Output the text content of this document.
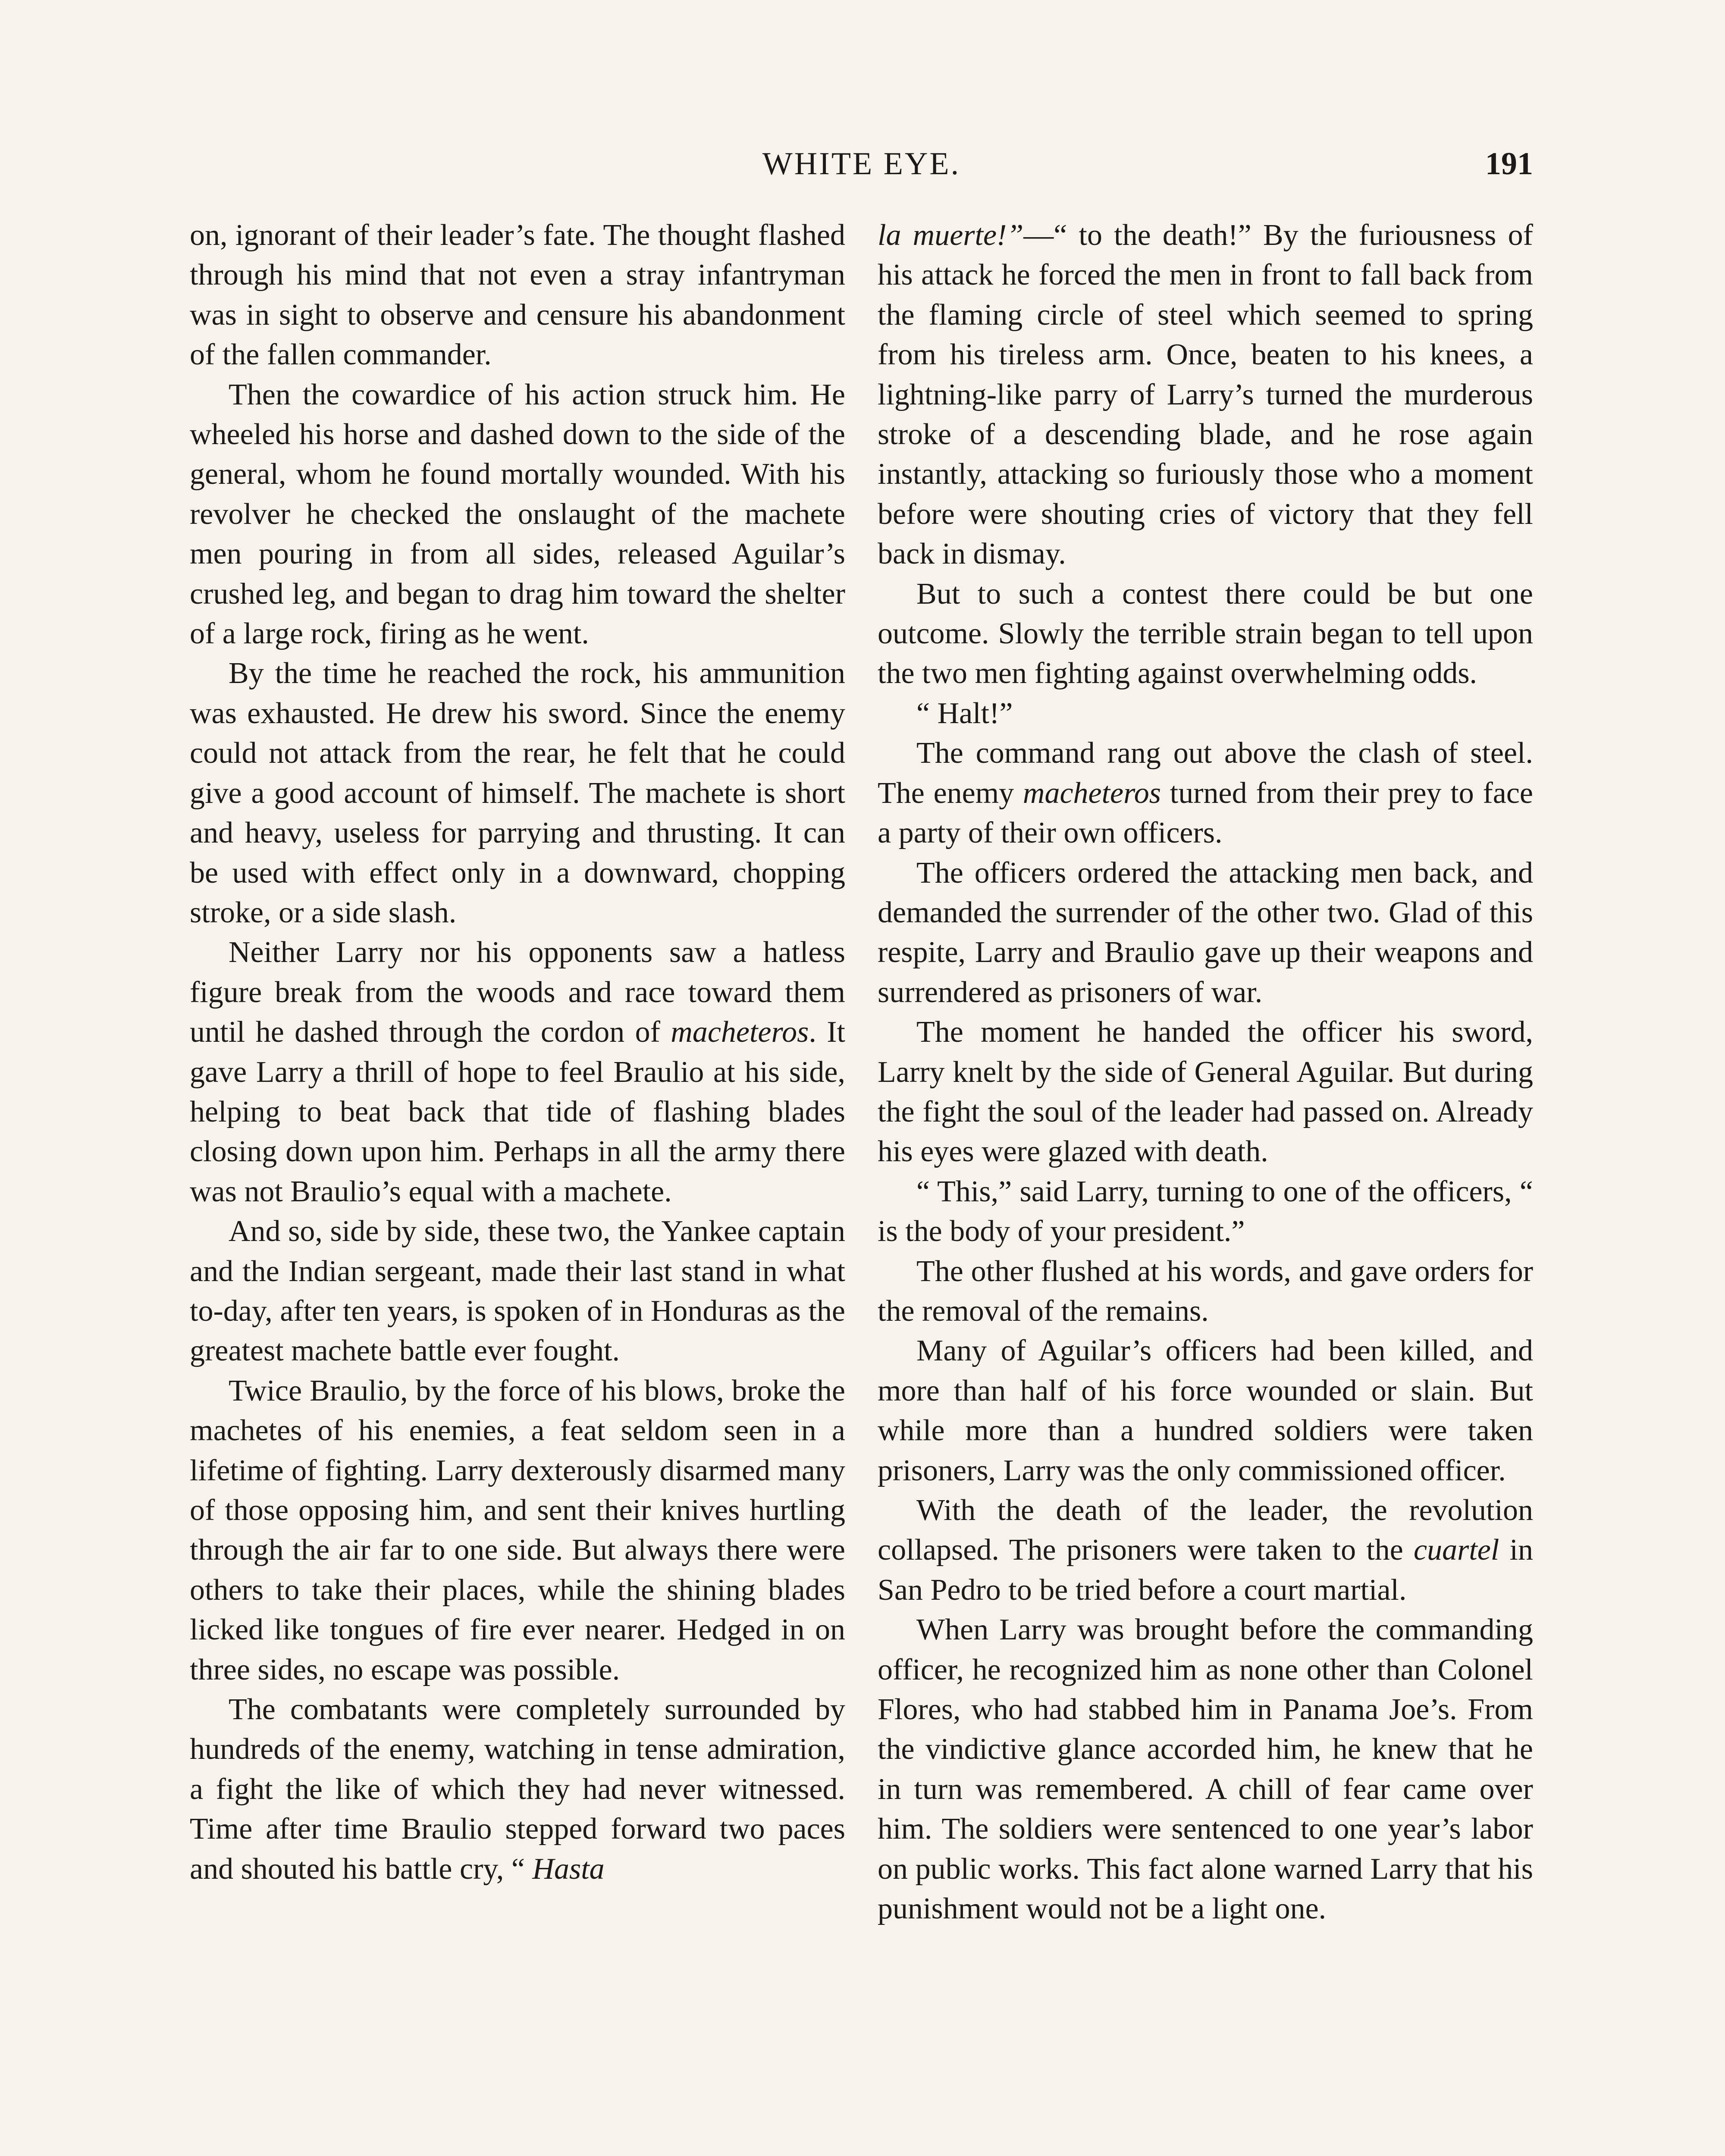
WHITE EYE.	191

on, ignorant of their leader’s fate. The thought flashed through his mind that not even a stray infantryman was in sight to observe and censure his abandonment of the fallen commander.

Then the cowardice of his action struck him. He wheeled his horse and dashed down to the side of the general, whom he found mortally wounded. With his revolver he checked the onslaught of the machete men pouring in from all sides, released Aguilar’s crushed leg, and began to drag him toward the shelter of a large rock, firing as he went.

By the time he reached the rock, his ammunition was exhausted. He drew his sword. Since the enemy could not attack from the rear, he felt that he could give a good account of himself. The machete is short and heavy, useless for parrying and thrusting. It can be used with effect only in a downward, chopping stroke, or a side slash.

Neither Larry nor his opponents saw a hatless figure break from the woods and race toward them until he dashed through the cordon of macheteros. It gave Larry a thrill of hope to feel Braulio at his side, helping to beat back that tide of flashing blades closing down upon him. Perhaps in all the army there was not Braulio’s equal with a machete.

And so, side by side, these two, the Yankee captain and the Indian sergeant, made their last stand in what to-day, after ten years, is spoken of in Honduras as the greatest machete battle ever fought.

Twice Braulio, by the force of his blows, broke the machetes of his enemies, a feat seldom seen in a lifetime of fighting. Larry dexterously disarmed many of those opposing him, and sent their knives hurtling through the air far to one side. But always there were others to take their places, while the shining blades licked like tongues of fire ever nearer. Hedged in on three sides, no escape was possible.

The combatants were completely surrounded by hundreds of the enemy, watching in tense admiration, a fight the like of which they had never witnessed. Time after time Braulio stepped forward two paces and shouted his battle cry, “ Hasta

la muerte!”—“ to the death!” By the furiousness of his attack he forced the men in front to fall back from the flaming circle of steel which seemed to spring from his tireless arm. Once, beaten to his knees, a lightning-like parry of Larry’s turned the murderous stroke of a descending blade, and he rose again instantly, attacking so furiously those who a moment before were shouting cries of victory that they fell back in dismay.

But to such a contest there could be but one outcome. Slowly the terrible strain began to tell upon the two men fighting against overwhelming odds.

“ Halt!”

The command rang out above the clash of steel. The enemy macheteros turned from their prey to face a party of their own officers.

The officers ordered the attacking men back, and demanded the surrender of the other two. Glad of this respite, Larry and Braulio gave up their weapons and surrendered as prisoners of war.

The moment he handed the officer his sword, Larry knelt by the side of General Aguilar. But during the fight the soul of the leader had passed on. Already his eyes were glazed with death.

“ This,” said Larry, turning to one of the officers, “ is the body of your president.”

The other flushed at his words, and gave orders for the removal of the remains.

Many of Aguilar’s officers had been killed, and more than half of his force wounded or slain. But while more than a hundred soldiers were taken prisoners, Larry was the only commissioned officer.

With the death of the leader, the revolution collapsed. The prisoners were taken to the cuartel in San Pedro to be tried before a court martial.

When Larry was brought before the commanding officer, he recognized him as none other than Colonel Flores, who had stabbed him in Panama Joe’s. From the vindictive glance accorded him, he knew that he in turn was remembered. A chill of fear came over him. The soldiers were sentenced to one year’s labor on public works. This fact alone warned Larry that his punishment would not be a light one.
